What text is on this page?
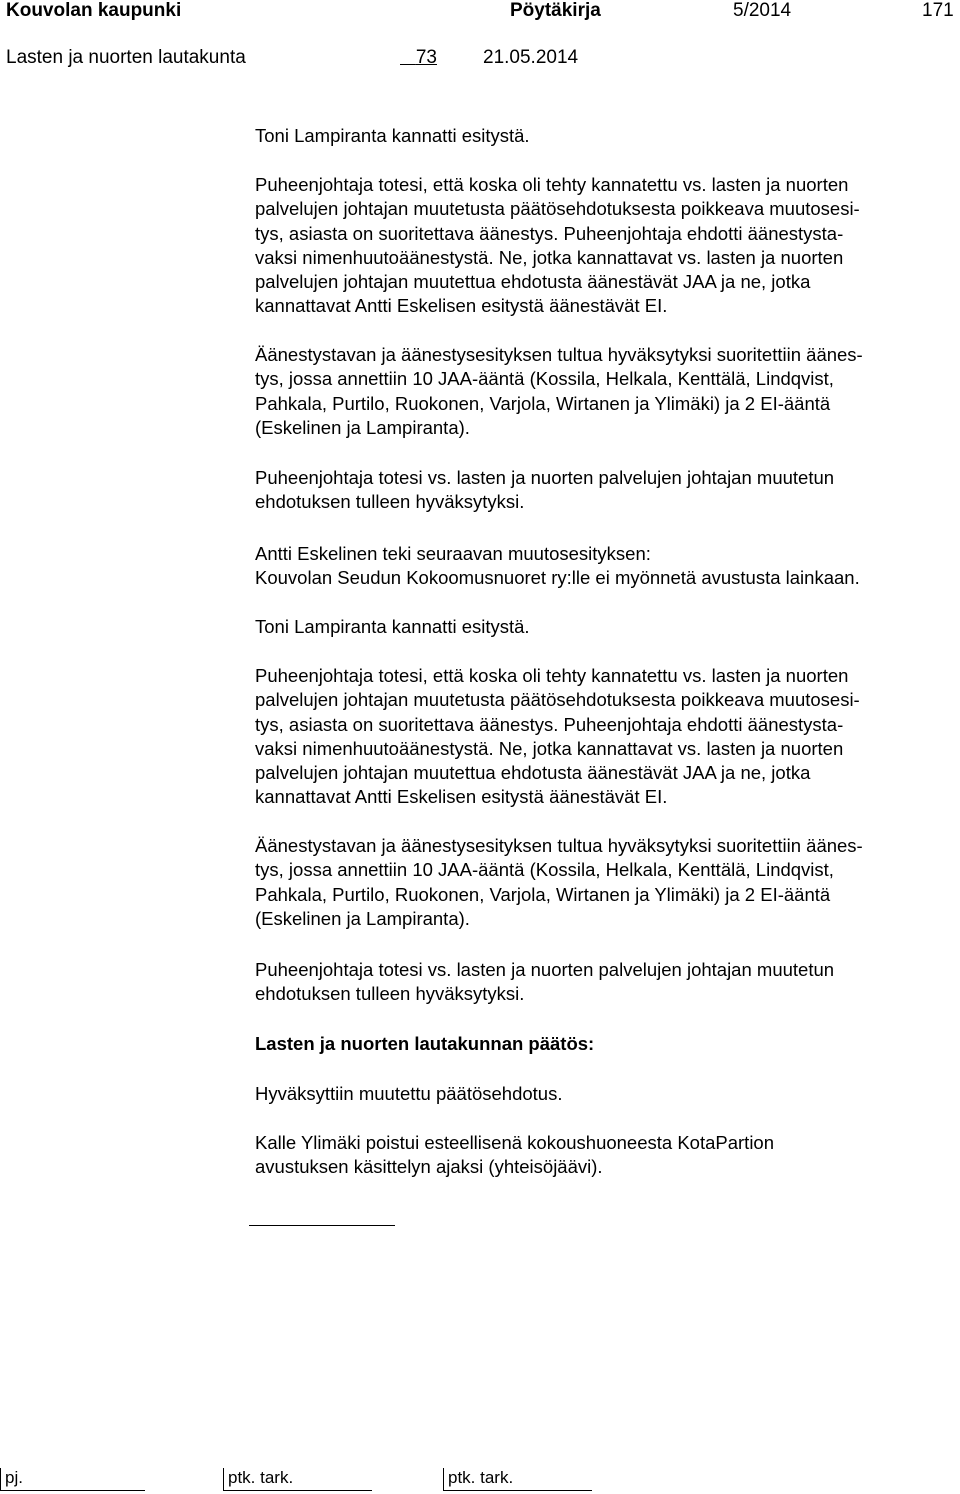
Kouvolan kaupunki	Pöytäkirja	5/2014	171
Lasten ja nuorten lautakunta	73 21.05.2014
Toni Lampiranta kannatti esitystä.
Puheenjohtaja totesi, että koska oli tehty kannatettu vs. lasten ja nuorten
palvelujen johtajan muutetusta päätösehdotuksesta poikkeava muutosesi-
tys, asiasta on suoritettava äänestys. Puheenjohtaja ehdotti äänestysta-
vaksi nimenhuutoäänestystä. Ne, jotka kannattavat vs. lasten ja nuorten
palvelujen johtajan muutettua ehdotusta äänestävät JAA ja ne, jotka
kannattavat Antti Eskelisen esitystä äänestävät EI.
Äänestystavan ja äänestysesityksen tultua hyväksytyksi suoritettiin äänes-
tys, jossa annettiin 10 JAA-ääntä (Kossila, Helkala, Kenttälä, Lindqvist,
Pahkala, Purtilo, Ruokonen, Varjola, Wirtanen ja Ylimäki) ja 2 EI-ääntä
(Eskelinen ja Lampiranta).
Puheenjohtaja totesi vs. lasten ja nuorten palvelujen johtajan muutetun
ehdotuksen tulleen hyväksytyksi.
Antti Eskelinen teki seuraavan muutosesityksen:
Kouvolan Seudun Kokoomusnuoret ry:lle ei myönnetä avustusta lainkaan.
Toni Lampiranta kannatti esitystä.
Puheenjohtaja totesi, että koska oli tehty kannatettu vs. lasten ja nuorten
palvelujen johtajan muutetusta päätösehdotuksesta poikkeava muutosesi-
tys, asiasta on suoritettava äänestys. Puheenjohtaja ehdotti äänestysta-
vaksi nimenhuutoäänestystä. Ne, jotka kannattavat vs. lasten ja nuorten
palvelujen johtajan muutettua ehdotusta äänestävät JAA ja ne, jotka
kannattavat Antti Eskelisen esitystä äänestävät EI.
Äänestystavan ja äänestysesityksen tultua hyväksytyksi suoritettiin äänes-
tys, jossa annettiin 10 JAA-ääntä (Kossila, Helkala, Kenttälä, Lindqvist,
Pahkala, Purtilo, Ruokonen, Varjola, Wirtanen ja Ylimäki) ja 2 EI-ääntä
(Eskelinen ja Lampiranta).
Puheenjohtaja totesi vs. lasten ja nuorten palvelujen johtajan muutetun
ehdotuksen tulleen hyväksytyksi.
Lasten ja nuorten lautakunnan päätös:
Hyväksyttiin muutettu päätösehdotus.
Kalle Ylimäki poistui esteellisenä kokoushuoneesta KotaPartion
avustuksen käsittelyn ajaksi (yhteisöjäävi).
pj.	ptk. tark.	ptk. tark.
